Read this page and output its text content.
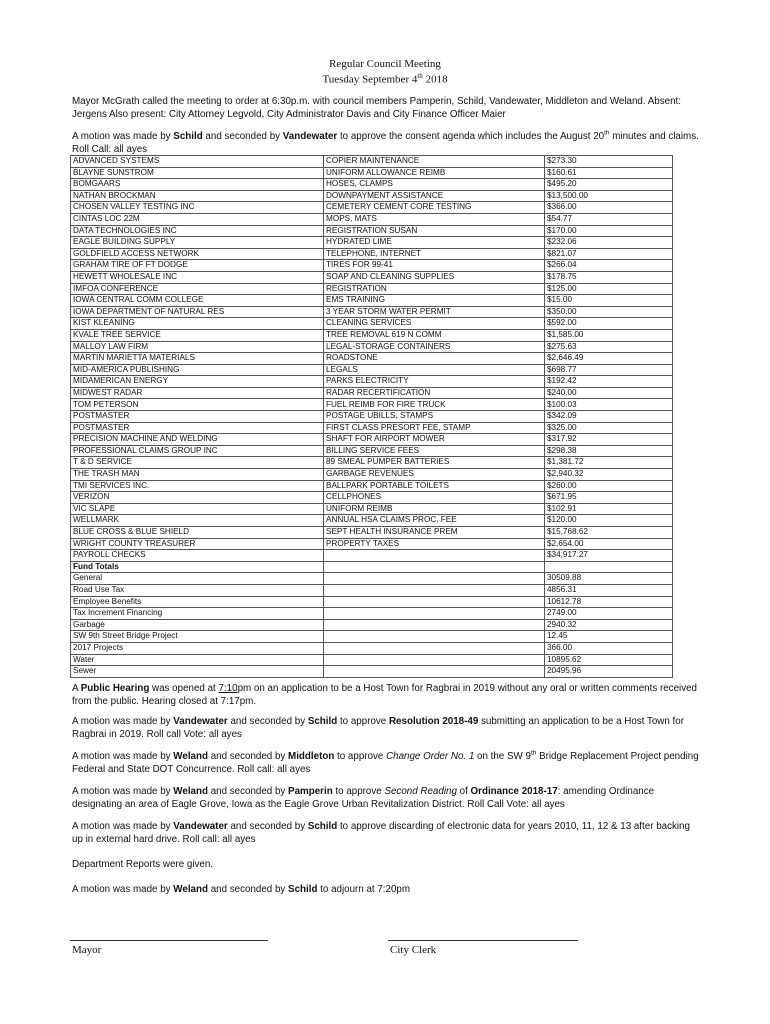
Regular Council Meeting
Tuesday September 4th 2018
Mayor McGrath called the meeting to order at 6:30p.m. with council members Pamperin, Schild, Vandewater, Middleton and Weland. Absent: Jergens Also present: City Attorney Legvold, City Administrator Davis and City Finance Officer Maier
A motion was made by Schild and seconded by Vandewater to approve the consent agenda which includes the August 20th minutes and claims. Roll Call: all ayes
ADVANCED SYSTEMS	COPIER MAINTENANCE	$273.30
BLAYNE SUNSTROM	UNIFORM ALLOWANCE REIMB	$160.61
BOMGAARS	HOSES, CLAMPS	$495.20
NATHAN BROCKMAN	DOWNPAYMENT ASSISTANCE	$13,500.00
CHOSEN VALLEY TESTING INC	CEMETERY CEMENT CORE TESTING	$366.00
CINTAS LOC 22M	MOPS, MATS	$54.77
DATA TECHNOLOGIES INC	REGISTRATION SUSAN	$170.00
EAGLE BUILDING SUPPLY	HYDRATED LIME	$232.06
GOLDFIELD ACCESS NETWORK	TELEPHONE, INTERNET	$821.07
GRAHAM TIRE OF FT DODGE	TIRES FOR 99-41	$266.04
HEWETT WHOLESALE INC	SOAP AND CLEANING SUPPLIES	$178.75
IMFOA CONFERENCE	REGISTRATION	$125.00
IOWA CENTRAL COMM COLLEGE	EMS TRAINING	$15.00
IOWA DEPARTMENT OF NATURAL RES	3 YEAR STORM WATER PERMIT	$350.00
KIST KLEANING	CLEANING SERVICES	$592.00
KVALE TREE SERVICE	TREE REMOVAL 619 N COMM	$1,585.00
MALLOY LAW FIRM	LEGAL-STORAGE CONTAINERS	$275.63
MARTIN MARIETTA MATERIALS	ROADSTONE	$2,646.49
MID-AMERICA PUBLISHING	LEGALS	$698.77
MIDAMERICAN ENERGY	PARKS ELECTRICITY	$192.42
MIDWEST RADAR	RADAR RECERTIFICATION	$240.00
TOM PETERSON	FUEL REIMB FOR FIRE TRUCK	$100.03
POSTMASTER	POSTAGE UBILLS, STAMPS	$342.09
POSTMASTER	FIRST CLASS PRESORT FEE, STAMP	$325.00
PRECISION MACHINE AND WELDING	SHAFT FOR AIRPORT MOWER	$317.92
PROFESSIONAL CLAIMS GROUP INC	BILLING SERVICE FEES	$298.38
T & D SERVICE	89 SMEAL PUMPER BATTERIES	$1,381.72
THE TRASH MAN	GARBAGE REVENUES	$2,940.32
TMI SERVICES INC.	BALLPARK PORTABLE TOILETS	$260.00
VERIZON	CELLPHONES	$671.95
VIC SLAPE	UNIFORM REIMB	$102.91
WELLMARK	ANNUAL HSA CLAIMS PROC. FEE	$120.00
BLUE CROSS & BLUE SHIELD	SEPT HEALTH INSURANCE PREM	$15,768.62
WRIGHT COUNTY TREASURER	PROPERTY TAXES	$2,654.00
PAYROLL CHECKS		$34,917.27
Fund Totals		
General		30509.88
Road Use Tax		4856.31
Employee Benefits		10612.78
Tax Increment Financing		2749.00
Garbage		2940.32
SW 9th Street Bridge Project		12.45
2017 Projects		366.00
Water		10895.62
Sewer		20495.96
A Public Hearing was opened at 7:10pm on an application to be a Host Town for Ragbrai in 2019 without any oral or written comments received from the public. Hearing closed at 7:17pm.
A motion was made by Vandewater and seconded by Schild to approve Resolution 2018-49 submitting an application to be a Host Town for Ragbrai in 2019. Roll call Vote: all ayes
A motion was made by Weland and seconded by Middleton to approve Change Order No. 1 on the SW 9th Bridge Replacement Project pending Federal and State DOT Concurrence. Roll call: all ayes
A motion was made by Weland and seconded by Pamperin to approve Second Reading of Ordinance 2018-17: amending Ordinance designating an area of Eagle Grove, Iowa as the Eagle Grove Urban Revitalization District. Roll Call Vote: all ayes
A motion was made by Vandewater and seconded by Schild to approve discarding of electronic data for years 2010, 11, 12 & 13 after backing up in external hard drive. Roll call: all ayes
Department Reports were given.
A motion was made by Weland and seconded by Schild to adjourn at 7:20pm
Mayor	City Clerk
